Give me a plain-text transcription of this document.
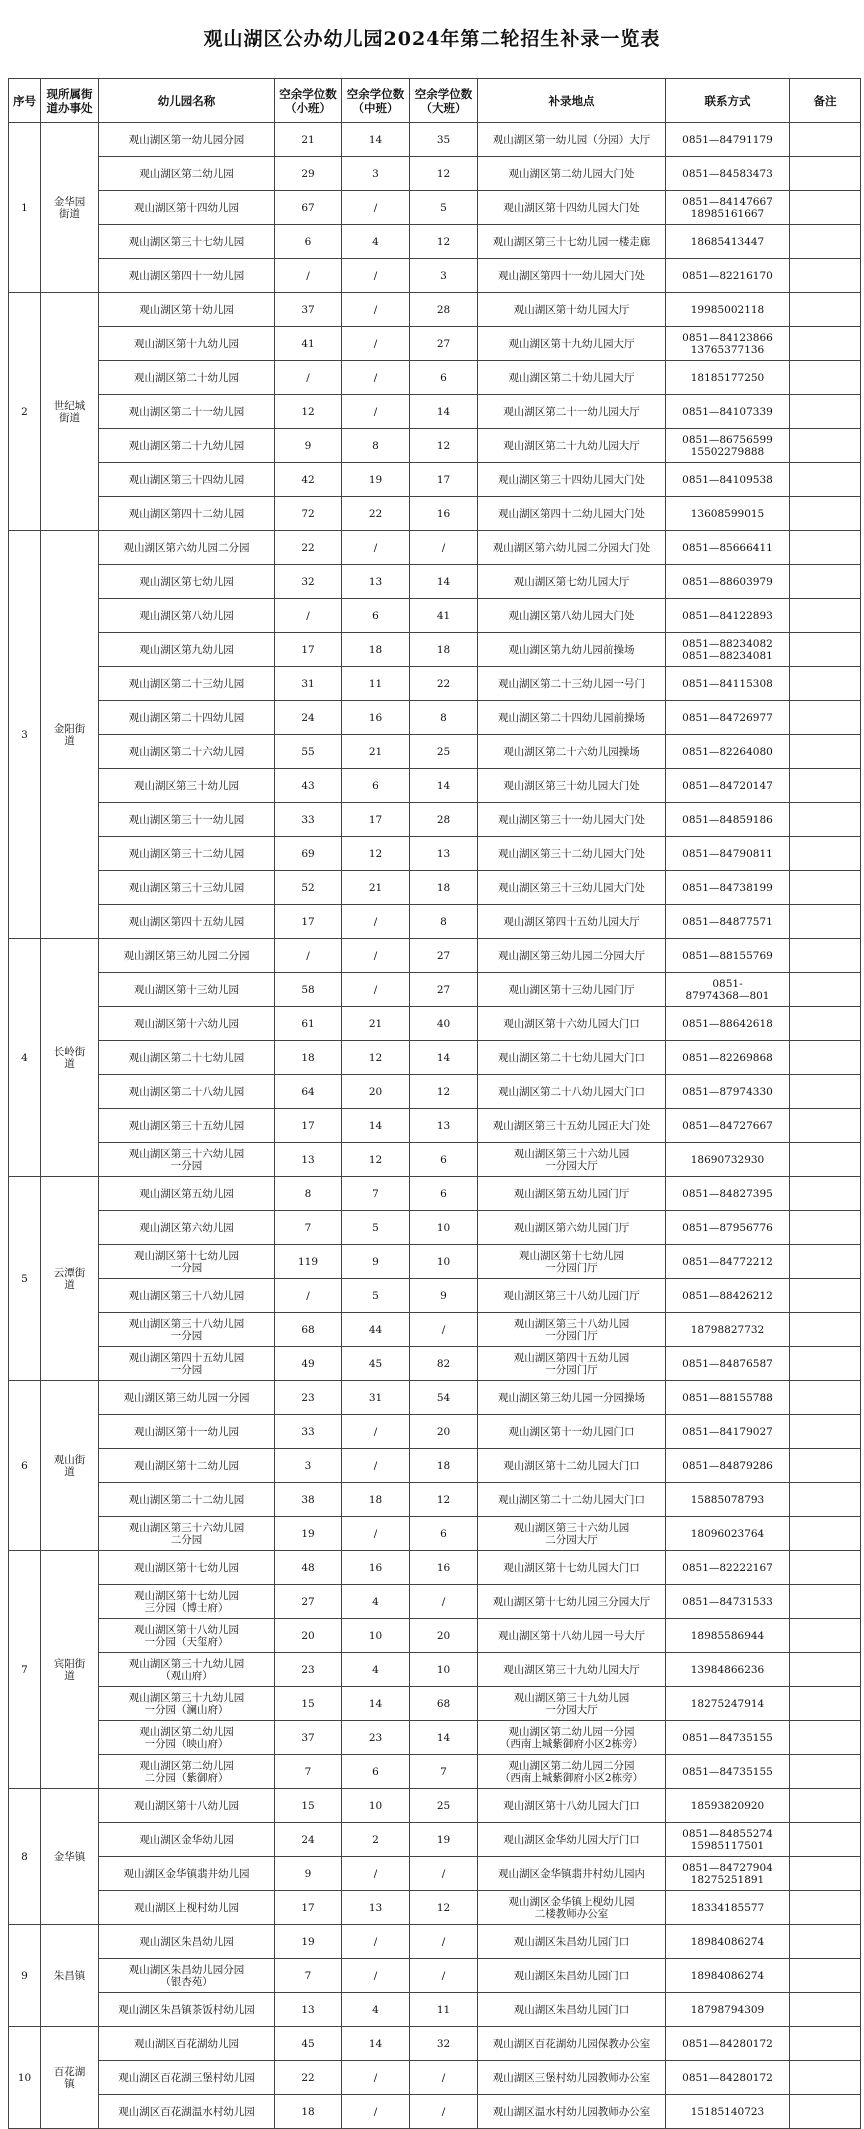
观山湖区公办幼儿园2024年第二轮招生补录一览表
序号	现所属街道办事处	幼儿园名称	空余学位数（小班）	空余学位数（中班）	空余学位数（大班）	补录地点	联系方式	备注
1	金华园街道	观山湖区第一幼儿园分园	21	14	35	观山湖区第一幼儿园（分园）大厅	0851—84791179	
		观山湖区第二幼儿园	29	3	12	观山湖区第二幼儿园大门处	0851—84583473	
		观山湖区第十四幼儿园	67	/	5	观山湖区第十四幼儿园大门处	0851—84147667
18985161667	
		观山湖区第三十七幼儿园	6	4	12	观山湖区第三十七幼儿园一楼走廊	18685413447	
		观山湖区第四十一幼儿园	/	/	3	观山湖区第四十一幼儿园大门处	0851—82216170	
2	世纪城街道	观山湖区第十幼儿园	37	/	28	观山湖区第十幼儿园大厅	19985002118	
		观山湖区第十九幼儿园	41	/	27	观山湖区第十九幼儿园大厅	0851—84123866
13765377136	
		观山湖区第二十幼儿园	/	/	6	观山湖区第二十幼儿园大厅	18185177250	
		观山湖区第二十一幼儿园	12	/	14	观山湖区第二十一幼儿园大厅	0851—84107339	
		观山湖区第二十九幼儿园	9	8	12	观山湖区第二十九幼儿园大厅	0851—86756599
15502279888	
		观山湖区第三十四幼儿园	42	19	17	观山湖区第三十四幼儿园大门处	0851—84109538	
		观山湖区第四十二幼儿园	72	22	16	观山湖区第四十二幼儿园大门处	13608599015	
3	金阳街道	观山湖区第六幼儿园二分园	22	/	/	观山湖区第六幼儿园二分园大门处	0851—85666411	
		观山湖区第七幼儿园	32	13	14	观山湖区第七幼儿园大厅	0851—88603979	
		观山湖区第八幼儿园	/	6	41	观山湖区第八幼儿园大门处	0851—84122893	
		观山湖区第九幼儿园	17	18	18	观山湖区第九幼儿园前操场	0851—88234082
0851—88234081	
		观山湖区第二十三幼儿园	31	11	22	观山湖区第二十三幼儿园一号门	0851—84115308	
		观山湖区第二十四幼儿园	24	16	8	观山湖区第二十四幼儿园前操场	0851—84726977	
		观山湖区第二十六幼儿园	55	21	25	观山湖区第二十六幼儿园操场	0851—82264080	
		观山湖区第三十幼儿园	43	6	14	观山湖区第三十幼儿园大门处	0851—84720147	
		观山湖区第三十一幼儿园	33	17	28	观山湖区第三十一幼儿园大门处	0851—84859186	
		观山湖区第三十二幼儿园	69	12	13	观山湖区第三十二幼儿园大门处	0851—84790811	
		观山湖区第三十三幼儿园	52	21	18	观山湖区第三十三幼儿园大门处	0851—84738199	
		观山湖区第四十五幼儿园	17	/	8	观山湖区第四十五幼儿园大厅	0851—84877571	
4	长岭街道	观山湖区第三幼儿园二分园	/	/	27	观山湖区第三幼儿园二分园大厅	0851—88155769	
		观山湖区第十三幼儿园	58	/	27	观山湖区第十三幼儿园门厅	0851-
87974368—801	
		观山湖区第十六幼儿园	61	21	40	观山湖区第十六幼儿园大门口	0851—88642618	
		观山湖区第二十七幼儿园	18	12	14	观山湖区第二十七幼儿园大门口	0851—82269868	
		观山湖区第二十八幼儿园	64	20	12	观山湖区第二十八幼儿园大门口	0851—87974330	
		观山湖区第三十五幼儿园	17	14	13	观山湖区第三十五幼儿园正大门处	0851—84727667	
		观山湖区第三十六幼儿园
一分园	13	12	6	观山湖区第三十六幼儿园
一分园大厅	18690732930	
5	云潭街道	观山湖区第五幼儿园	8	7	6	观山湖区第五幼儿园门厅	0851—84827395	
		观山湖区第六幼儿园	7	5	10	观山湖区第六幼儿园门厅	0851—87956776	
		观山湖区第十七幼儿园
一分园	119	9	10	观山湖区第十七幼儿园
一分园门厅	0851—84772212	
		观山湖区第三十八幼儿园	/	5	9	观山湖区第三十八幼儿园门厅	0851—88426212	
		观山湖区第三十八幼儿园
一分园	68	44	/	观山湖区第三十八幼儿园
一分园门厅	18798827732	
		观山湖区第四十五幼儿园
一分园	49	45	82	观山湖区第四十五幼儿园
一分园门厅	0851—84876587	
6	观山街道	观山湖区第三幼儿园一分园	23	31	54	观山湖区第三幼儿园一分园操场	0851—88155788	
		观山湖区第十一幼儿园	33	/	20	观山湖区第十一幼儿园门口	0851—84179027	
		观山湖区第十二幼儿园	3	/	18	观山湖区第十二幼儿园大门口	0851—84879286	
		观山湖区第二十二幼儿园	38	18	12	观山湖区第二十二幼儿园大门口	15885078793	
		观山湖区第三十六幼儿园
二分园	19	/	6	观山湖区第三十六幼儿园
二分园大厅	18096023764	
7	宾阳街道	观山湖区第十七幼儿园	48	16	16	观山湖区第十七幼儿园大门口	0851—82222167	
		观山湖区第十七幼儿园
三分园（博士府）	27	4	/	观山湖区第十七幼儿园三分园大厅	0851—84731533	
		观山湖区第十八幼儿园
一分园（天玺府）	20	10	20	观山湖区第十八幼儿园一号大厅	18985586944	
		观山湖区第三十九幼儿园
（观山府）	23	4	10	观山湖区第三十九幼儿园大厅	13984866236	
		观山湖区第三十九幼儿园
一分园（澜山府）	15	14	68	观山湖区第三十九幼儿园
一分园大厅	18275247914	
		观山湖区第二幼儿园
一分园（映山府）	37	23	14	观山湖区第二幼儿园一分园
（西南上城紫御府小区2栋旁）	0851—84735155	
		观山湖区第二幼儿园
二分园（紫御府）	7	6	7	观山湖区第二幼儿园二分园
（西南上城紫御府小区2栋旁）	0851—84735155	
8	金华镇	观山湖区第十八幼儿园	15	10	25	观山湖区第十八幼儿园大门口	18593820920	
		观山湖区金华幼儿园	24	2	19	观山湖区金华幼儿园大厅门口	0851—84855274
15985117501	
		观山湖区金华镇翡井幼儿园	9	/	/	观山湖区金华镇翡井村幼儿园内	0851—84727904
18275251891	
		观山湖区上枧村幼儿园	17	13	12	观山湖区金华镇上枧幼儿园
二楼教师办公室	18334185577	
9	朱昌镇	观山湖区朱昌幼儿园	19	/	/	观山湖区朱昌幼儿园门口	18984086274	
		观山湖区朱昌幼儿园分园
（银杏苑）	7	/	/	观山湖区朱昌幼儿园门口	18984086274	
		观山湖区朱昌镇茶饭村幼儿园	13	4	11	观山湖区朱昌幼儿园门口	18798794309	
10	百花湖镇	观山湖区百花湖幼儿园	45	14	32	观山湖区百花湖幼儿园保教办公室	0851—84280172	
		观山湖区百花湖三堡村幼儿园	22	/	/	观山湖区三堡村幼儿园教师办公室	0851—84280172	
		观山湖区百花湖温水村幼儿园	18	/	/	观山湖区温水村幼儿园教师办公室	15185140723	
